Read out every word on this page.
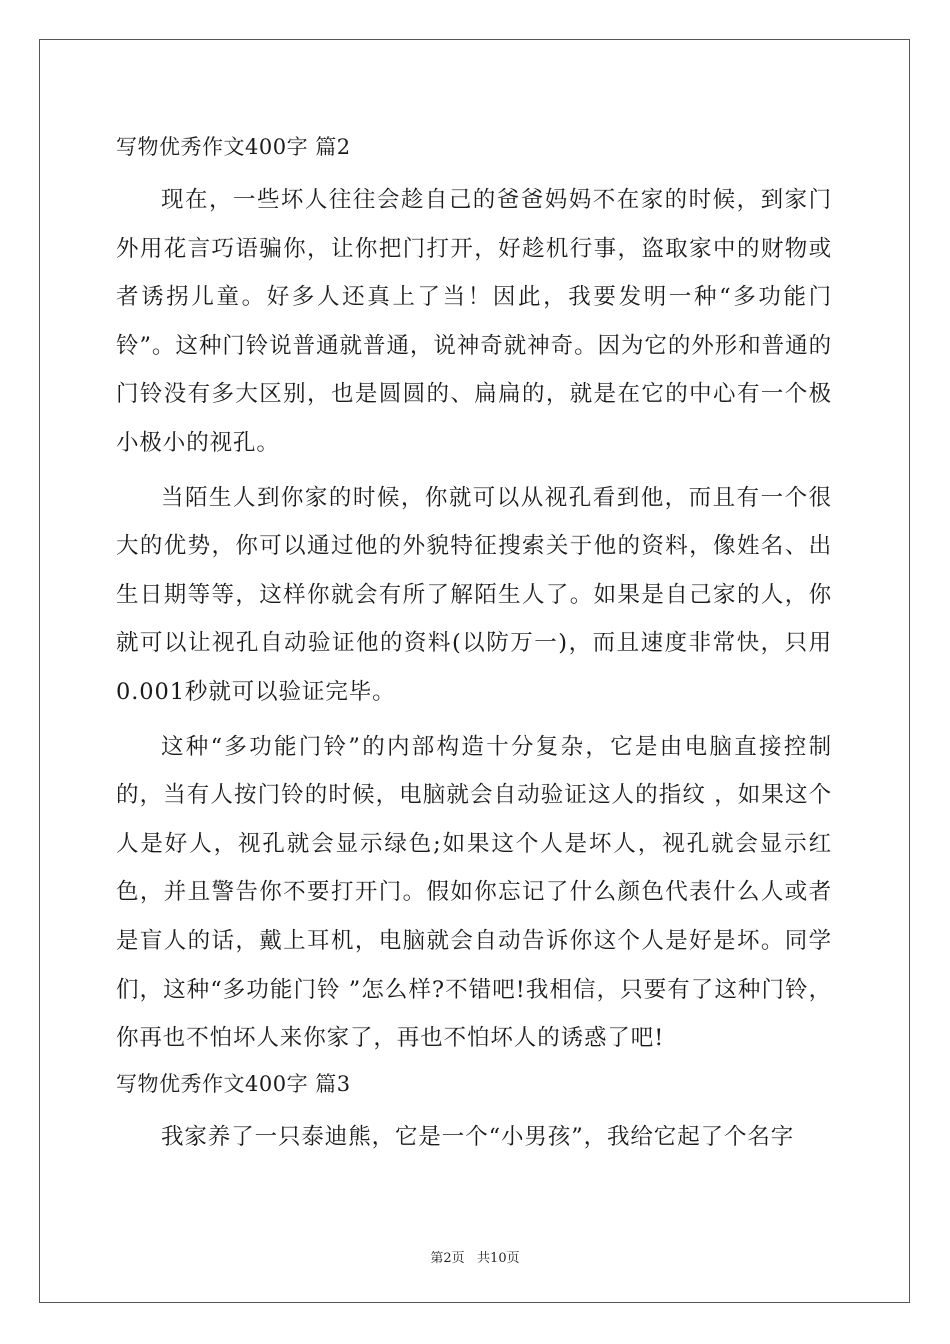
写物优秀作文400字 篇2

现在，一些坏人往往会趁自己的爸爸妈妈不在家的时候，到家门外用花言巧语骗你，让你把门打开，好趁机行事，盗取家中的财物或者诱拐儿童。好多人还真上了当！因此，我要发明一种“多功能门铃”。这种门铃说普通就普通，说神奇就神奇。因为它的外形和普通的门铃没有多大区别，也是圆圆的、扁扁的，就是在它的中心有一个极小极小的视孔。

当陌生人到你家的时候，你就可以从视孔看到他，而且有一个很大的优势，你可以通过他的外貌特征搜索关于他的资料，像姓名、出生日期等等，这样你就会有所了解陌生人了。如果是自己家的人，你就可以让视孔自动验证他的资料(以防万一)，而且速度非常快，只用0.001秒就可以验证完毕。

这种“多功能门铃”的内部构造十分复杂，它是由电脑直接控制的，当有人按门铃的时候，电脑就会自动验证这人的指纹 ，如果这个人是好人，视孔就会显示绿色;如果这个人是坏人，视孔就会显示红色，并且警告你不要打开门。假如你忘记了什么颜色代表什么人或者是盲人的话，戴上耳机，电脑就会自动告诉你这个人是好是坏。同学们，这种“多功能门铃 ”怎么样?不错吧!我相信，只要有了这种门铃，你再也不怕坏人来你家了，再也不怕坏人的诱惑了吧!

写物优秀作文400字 篇3

我家养了一只泰迪熊，它是一个“小男孩”，我给它起了个名字

第2页   共10页
